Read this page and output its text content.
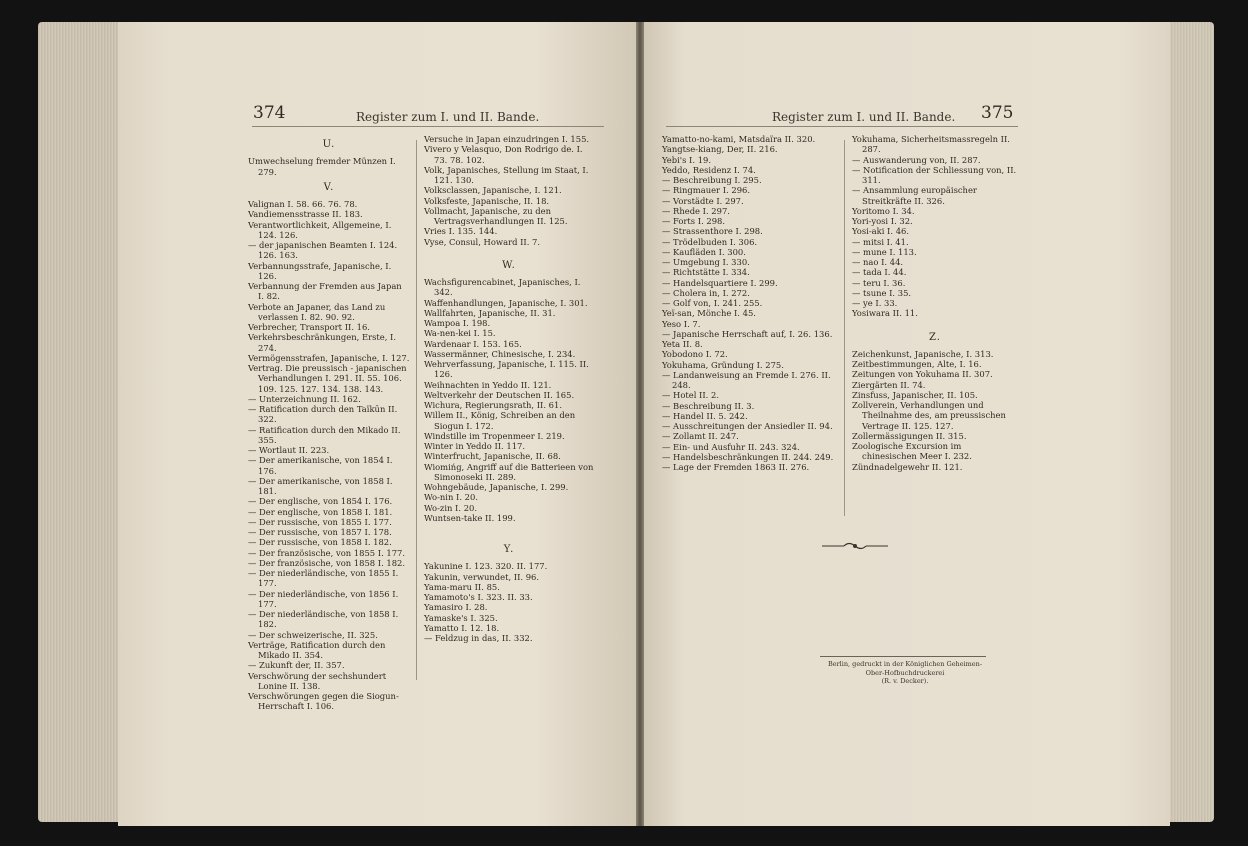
374	Register zum I. und II. Bande.	Register zum I. und II. Bande. 375
U.
Umwechselung fremder Münzen I. 279.
V.
Valignan I. 58. 66. 76. 78.
Vandiemensstrasse II. 183.
Verantwortlichkeit, Allgemeine, I. 124. 126.
— der japanischen Beamten I. 124. 126. 163.
Verbannungsstrafe, Japanische, I. 126.
Verbannung der Fremden aus Japan I. 82.
Verbote an Japaner, das Land zu verlassen I. 82. 90. 92.
Verbrecher, Transport II. 16.
Verkehrsbeschränkungen, Erste, I. 274.
Vermögensstrafen, Japanische, I. 127.
Vertrag. Die preussisch - japanischen Verhandlungen I. 291. II. 55. 106. 109. 125. 127. 134. 138. 143.
— Unterzeichnung II. 162.
— Ratification durch den Taïkūn II. 322.
— Ratification durch den Mikado II. 355.
— Wortlaut II. 223.
— Der amerikanische, von 1854 I. 176.
— Der amerikanische, von 1858 I. 181.
— Der englische, von 1854 I. 176.
— Der englische, von 1858 I. 181.
— Der russische, von 1855 I. 177.
— Der russische, von 1857 I. 178.
— Der russische, von 1858 I. 182.
— Der französische, von 1855 I. 177.
— Der französische, von 1858 I. 182.
— Der niederländische, von 1855 I. 177.
— Der niederländische, von 1856 I. 177.
— Der niederländische, von 1858 I. 182.
— Der schweizerische, II. 325.
Verträge, Ratification durch den Mikado II. 354.
— Zukunft der, II. 357.
Verschwörung der sechshundert Lonine II. 138.
Verschwörungen gegen die Siogun-Herrschaft I. 106.
Versuche in Japan einzudringen I. 155.
Vivero y Velasquo, Don Rodrigo de. I. 73. 78. 102.
Volk, Japanisches, Stellung im Staat, I. 121. 130.
Volksclassen, Japanische, I. 121.
Volksfeste, Japanische, II. 18.
Vollmacht, Japanische, zu den Vertragsverhandlungen II. 125.
Vries I. 135. 144.
Vyse, Consul, Howard II. 7.
W.
Wachsfigurencabinet, Japanisches, I. 342.
Waffenhandlungen, Japanische, I. 301.
Wallfahrten, Japanische, II. 31.
Wampoa I. 198.
Wa-nen-kei I. 15.
Wardenaar I. 153. 165.
Wassermänner, Chinesische, I. 234.
Wehrverfassung, Japanische, I. 115. II. 126.
Weihnachten in Yeddo II. 121.
Weltverkehr der Deutschen II. 165.
Wichura, Regierungsrath, II. 61.
Willem II., König, Schreiben an den Siogun I. 172.
Windstille im Tropenmeer I. 219.
Winter in Yeddo II. 117.
Winterfrucht, Japanische, II. 68.
Wiomińg, Angriff auf die Batterieen von Simonoseki II. 289.
Wohngebäude, Japanische, I. 299.
Wo-nin I. 20.
Wo-zin I. 20.
Wuntsen-take II. 199.
Y.
Yakunine I. 123. 320. II. 177.
Yakunin, verwundet, II. 96.
Yama-maru II. 85.
Yamamoto's I. 323. II. 33.
Yamasiro I. 28.
Yamaske's I. 325.
Yamatto I. 12. 18.
— Feldzug in das, II. 332.
Yamatto-no-kami, Matsdaïra II. 320.
Yangtse-kiang, Der, II. 216.
Yebi's I. 19.
Yeddo, Residenz I. 74.
— Beschreibung I. 295.
— Ringmauer I. 296.
— Vorstädte I. 297.
— Rhede I. 297.
— Forts I. 298.
— Strassenthore I. 298.
— Trödelbuden I. 306.
— Kaufläden I. 300.
— Umgebung I. 330.
— Richtstätte I. 334.
— Handelsquartiere I. 299.
— Cholera in, I. 272.
— Golf von, I. 241. 255.
Yeï-san, Mönche I. 45.
Yeso I. 7.
— Japanische Herrschaft auf, I. 26. 136.
Yeta II. 8.
Yobodono I. 72.
Yokuhama, Gründung I. 275.
— Landanweisung an Fremde I. 276. II. 248.
— Hotel II. 2.
— Beschreibung II. 3.
— Handel II. 5. 242.
— Ausschreitungen der Ansiedler II. 94.
— Zollamt II. 247.
— Ein- und Ausfuhr II. 243. 324.
— Handelsbeschränkungen II. 244. 249.
— Lage der Fremden 1863 II. 276.
Yokuhama, Sicherheitsmassregeln II. 287.
— Auswanderung von, II. 287.
— Notification der Schliessung von, II. 311.
— Ansammlung europäischer Streitkräfte II. 326.
Yoritomo I. 34.
Yori-yosi I. 32.
Yosi-aki I. 46.
— mitsi I. 41.
— mune I. 113.
— nao I. 44.
— tada I. 44.
— teru I. 36.
— tsune I. 35.
— ye I. 33.
Yosiwara II. 11.
Z.
Zeichenkunst, Japanische, I. 313.
Zeitbestimmungen, Alte, I. 16.
Zeitungen von Yokuhama II. 307.
Ziergärten II. 74.
Zinsfuss, Japanischer, II. 105.
Zollverein, Verhandlungen und Theilnahme des, am preussischen Vertrage II. 125. 127.
Zollermässigungen II. 315.
Zoologische Excursion im chinesischen Meer I. 232.
Zündnadelgewehr II. 121.
Berlin, gedruckt in der Königlichen Geheimen-Ober-Hofbuchdruckerei
(R. v. Decker).
